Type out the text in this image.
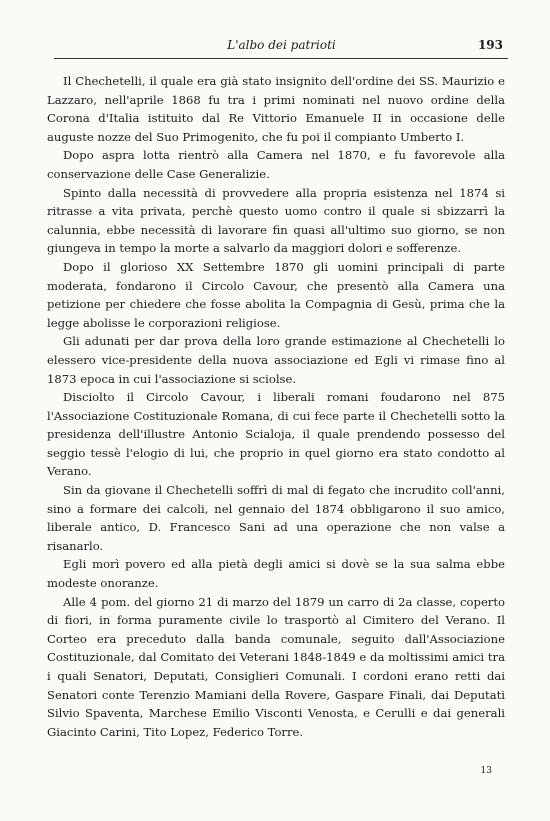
L'albo dei patrioti	193

Il Chechetelli, il quale era già stato insignito dell'ordine dei SS. Maurizio e Lazzaro, nell'aprile 1868 fu tra i primi nominati nel nuovo ordine della Corona d'Italia istituito dal Re Vittorio Emanuele II in occasione delle auguste nozze del Suo Primogenito, che fu poi il compianto Umberto I.

Dopo aspra lotta rientrò alla Camera nel 1870, e fu favorevole alla conservazione delle Case Generalizie.

Spinto dalla necessità di provvedere alla propria esistenza nel 1874 si ritrasse a vita privata, perchè questo uomo contro il quale si sbizzarrì la calunnia, ebbe necessità di lavorare fin quasi all'ultimo suo giorno, se non giungeva in tempo la morte a salvarlo da maggiori dolori e sofferenze.

Dopo il glorioso XX Settembre 1870 gli uomini principali di parte moderata, fondarono il Circolo Cavour, che presentò alla Camera una petizione per chiedere che fosse abolita la Compagnia di Gesù, prima che la legge abolisse le corporazioni religiose.

Gli adunati per dar prova della loro grande estimazione al Chechetelli lo elessero vice-presidente della nuova associazione ed Egli vi rimase fino al 1873 epoca in cui l'associazione si sciolse.

Disciolto il Circolo Cavour, i liberali romani foudarono nel 875 l'Associazione Costituzionale Romana, di cui fece parte il Chechetelli sotto la presidenza dell'illustre Antonio Scialoja, il quale prendendo possesso del seggio tessè l'elogio di lui, che proprio in quel giorno era stato condotto al Verano.

Sin da giovane il Chechetelli soffrì di mal di fegato che incrudito coll'anni, sino a formare dei calcoli, nel gennaio del 1874 obbligarono il suo amico, liberale antico, D. Francesco Sani ad una operazione che non valse a risanarlo.

Egli morì povero ed alla pietà degli amici si dovè se la sua salma ebbe modeste onoranze.

Alle 4 pom. del giorno 21 di marzo del 1879 un carro di 2a classe, coperto di fiori, in forma puramente civile lo trasportò al Cimitero del Verano. Il Corteo era preceduto dalla banda comunale, seguito dall'Associazione Costituzionale, dal Comitato dei Veterani 1848-1849 e da moltissimi amici tra i quali Senatori, Deputati, Consiglieri Comunali. I cordoni erano retti dai Senatori conte Terenzio Mamiani della Rovere, Gaspare Finali, dai Deputati Silvio Spaventa, Marchese Emilio Visconti Venosta, e Cerulli e dai generali Giacinto Carini, Tito Lopez, Federico Torre.

13
